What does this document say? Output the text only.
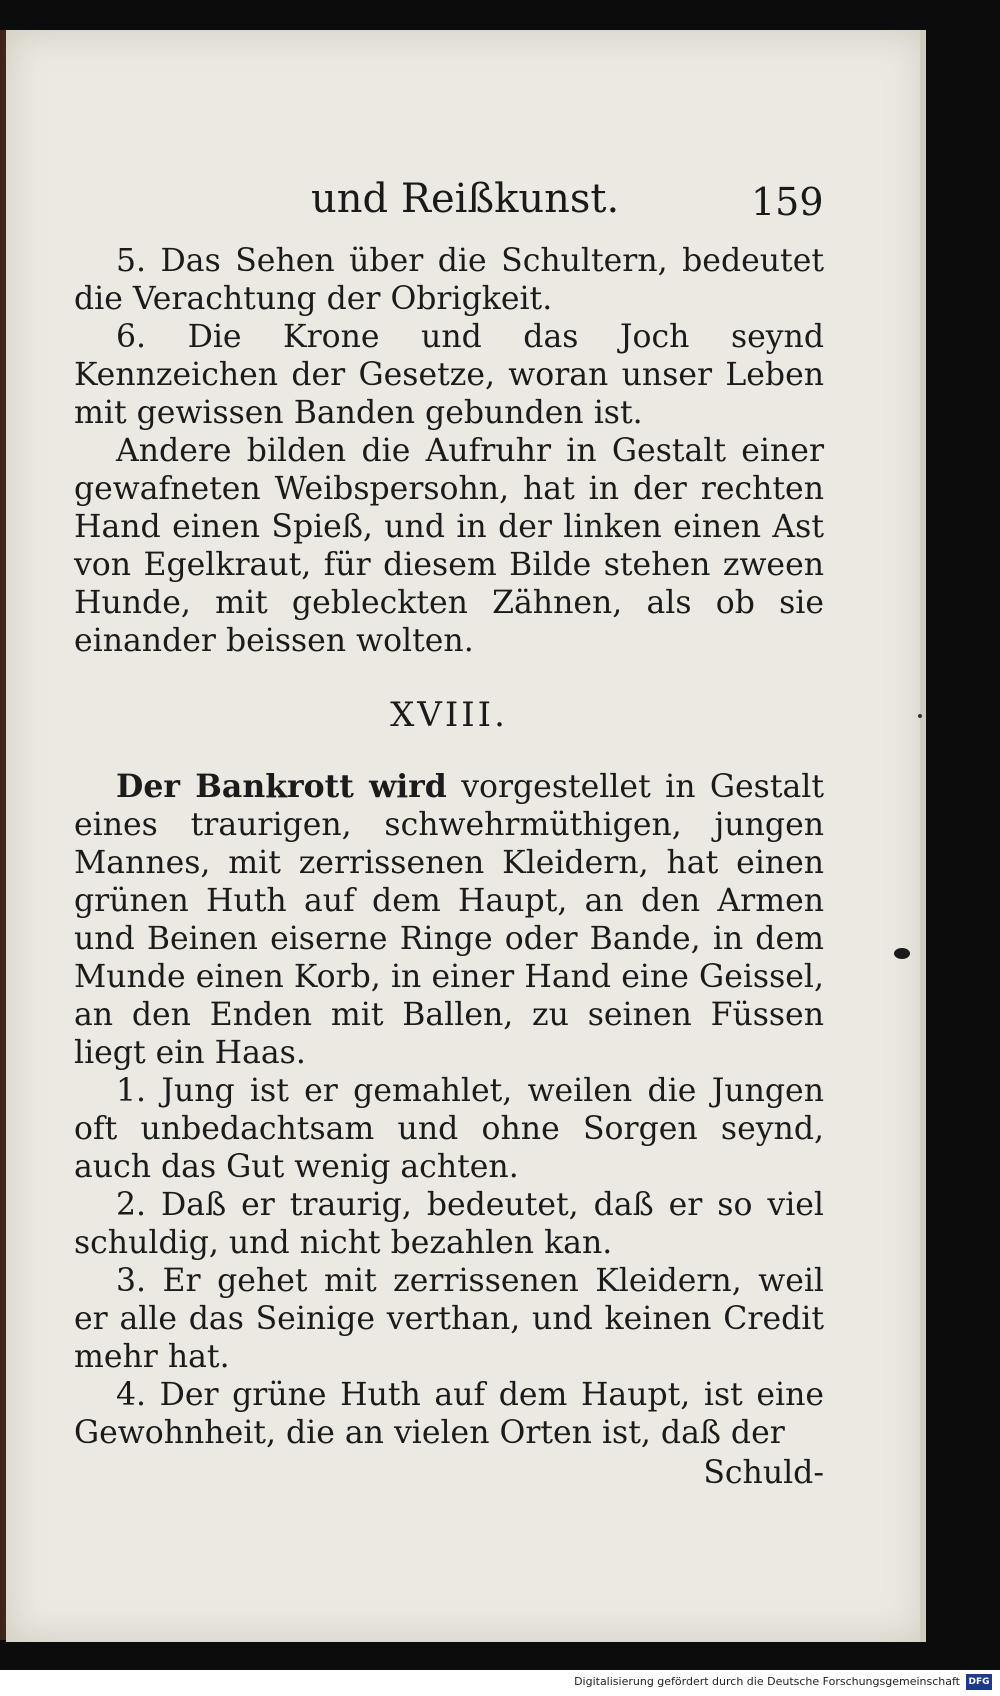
und Reißkunst.	159

5. Das Sehen über die Schultern, bedeutet die Verachtung der Obrigkeit.

6. Die Krone und das Joch seynd Kennzeichen der Gesetze, woran unser Leben mit gewissen Banden gebunden ist.

Andere bilden die Aufruhr in Gestalt einer gewafneten Weibspersohn, hat in der rechten Hand einen Spieß, und in der linken einen Ast von Egelkraut, für diesem Bilde stehen zween Hunde, mit gebleckten Zähnen, als ob sie einander beissen wolten.

XVIII.

Der Bankrott wird vorgestellet in Gestalt eines traurigen, schwehrmüthigen, jungen Mannes, mit zerrissenen Kleidern, hat einen grünen Huth auf dem Haupt, an den Armen und Beinen eiserne Ringe oder Bande, in dem Munde einen Korb, in einer Hand eine Geissel, an den Enden mit Ballen, zu seinen Füssen liegt ein Haas.

1. Jung ist er gemahlet, weilen die Jungen oft unbedachtsam und ohne Sorgen seynd, auch das Gut wenig achten.

2. Daß er traurig, bedeutet, daß er so viel schuldig, und nicht bezahlen kan.

3. Er gehet mit zerrissenen Kleidern, weil er alle das Seinige verthan, und keinen Credit mehr hat.

4. Der grüne Huth auf dem Haupt, ist eine Gewohnheit, die an vielen Orten ist, daß der

Schuld-

Digitalisierung gefördert durch die Deutsche Forschungsgemeinschaft DFG
